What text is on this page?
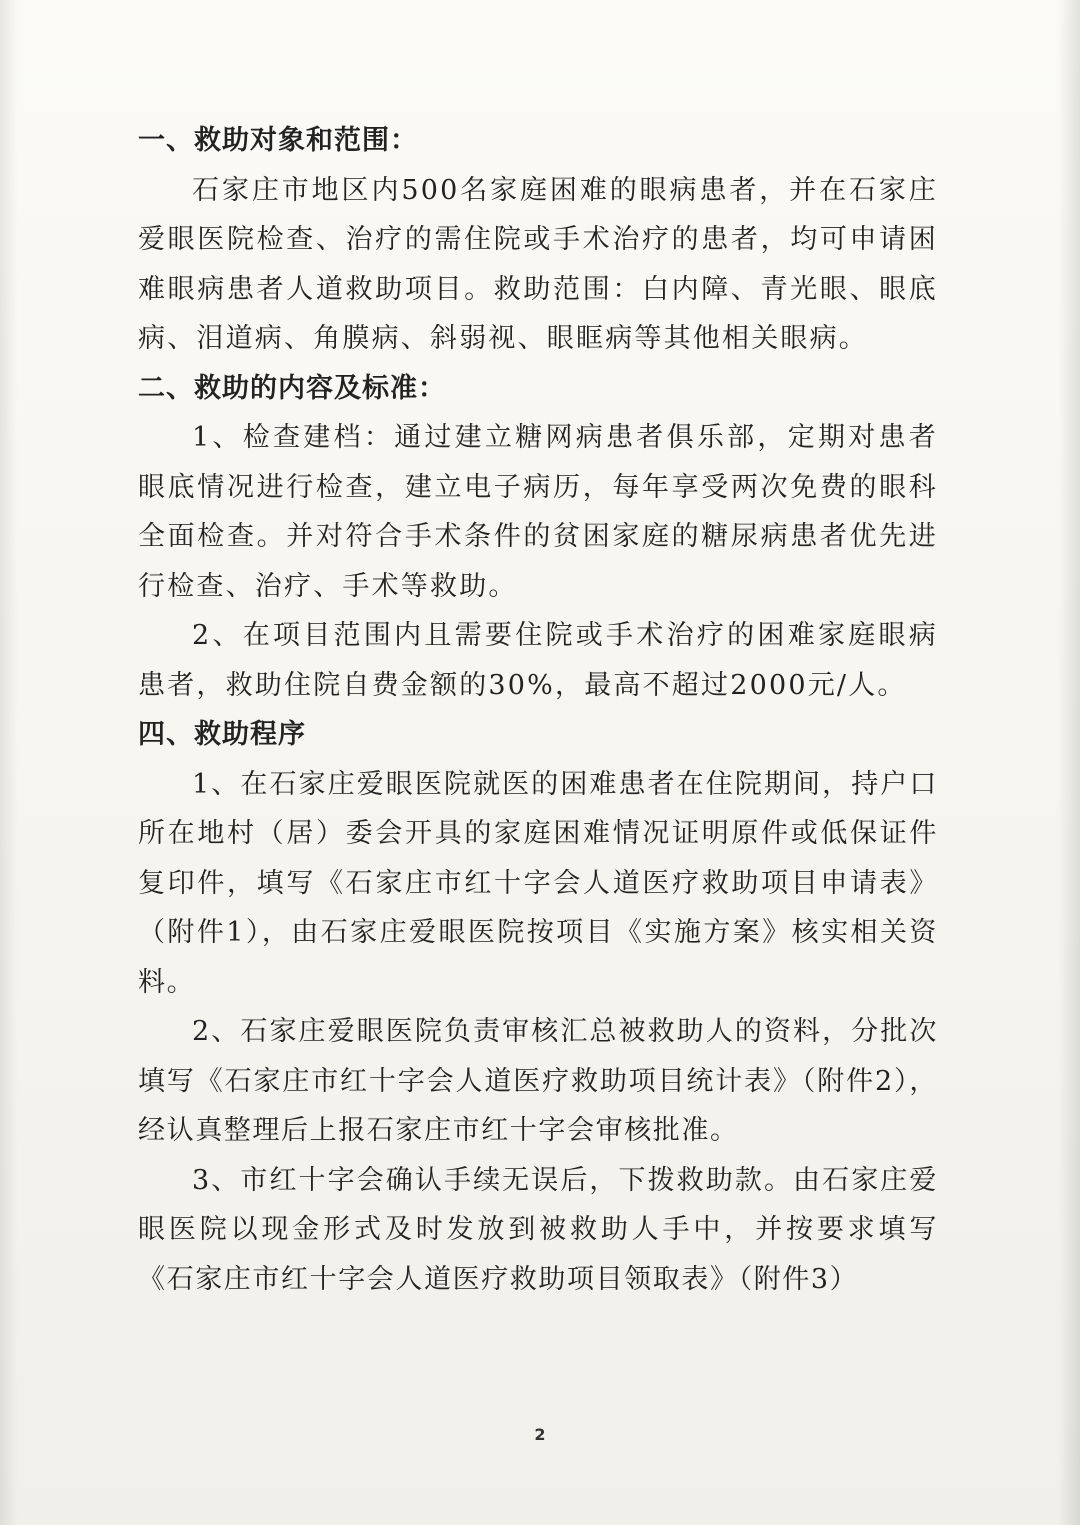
一、救助对象和范围：

石家庄市地区内500名家庭困难的眼病患者，并在石家庄爱眼医院检查、治疗的需住院或手术治疗的患者，均可申请困难眼病患者人道救助项目。救助范围：白内障、青光眼、眼底病、泪道病、角膜病、斜弱视、眼眶病等其他相关眼病。

二、救助的内容及标准：

1、检查建档：通过建立糖网病患者俱乐部，定期对患者眼底情况进行检查，建立电子病历，每年享受两次免费的眼科全面检查。并对符合手术条件的贫困家庭的糖尿病患者优先进行检查、治疗、手术等救助。

2、在项目范围内且需要住院或手术治疗的困难家庭眼病患者，救助住院自费金额的30%，最高不超过2000元/人。

四、救助程序

1、在石家庄爱眼医院就医的困难患者在住院期间，持户口所在地村（居）委会开具的家庭困难情况证明原件或低保证件复印件，填写《石家庄市红十字会人道医疗救助项目申请表》（附件1），由石家庄爱眼医院按项目《实施方案》核实相关资料。

2、石家庄爱眼医院负责审核汇总被救助人的资料，分批次填写《石家庄市红十字会人道医疗救助项目统计表》（附件2），经认真整理后上报石家庄市红十字会审核批准。

3、市红十字会确认手续无误后，下拨救助款。由石家庄爱眼医院以现金形式及时发放到被救助人手中，并按要求填写《石家庄市红十字会人道医疗救助项目领取表》（附件3）

2
